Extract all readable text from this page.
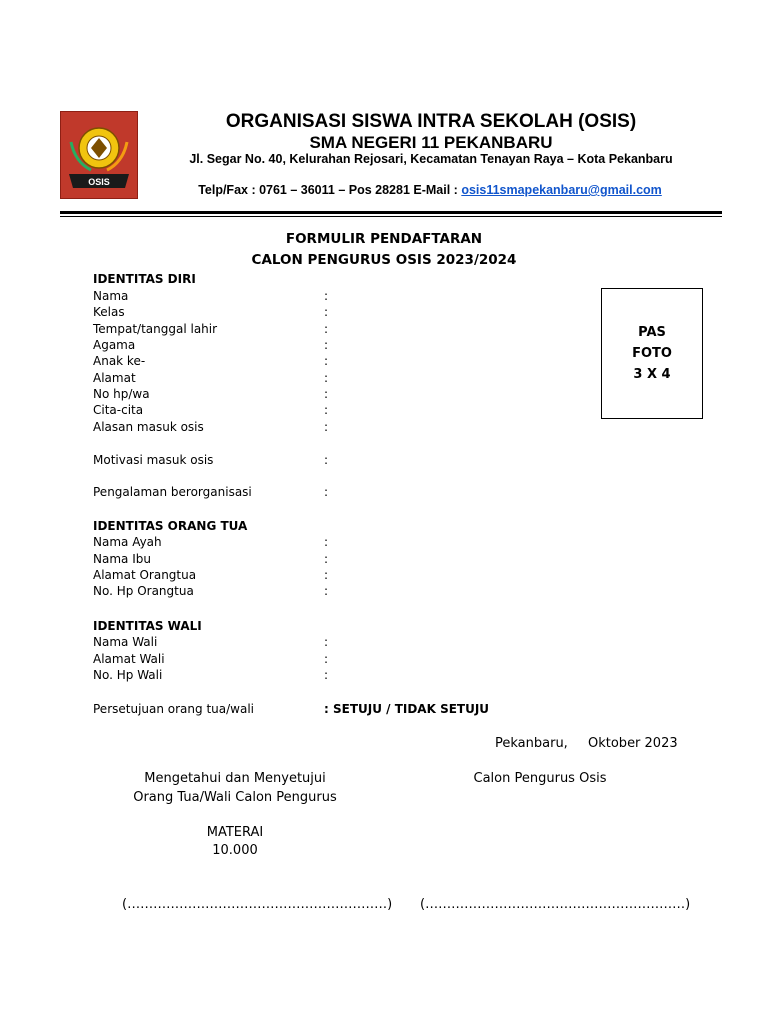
OSIS
ORGANISASI SISWA INTRA SEKOLAH (OSIS)
SMA NEGERI 11 PEKANBARU
Jl. Segar No. 40, Kelurahan Rejosari, Kecamatan Tenayan Raya – Kota Pekanbaru
Telp/Fax : 0761 – 36011 – Pos 28281 E-Mail : osis11smapekanbaru@gmail.com
FORMULIR PENDAFTARAN
CALON PENGURUS OSIS 2023/2024
IDENTITAS DIRI
Nama	:
Kelas	:
Tempat/tanggal lahir	:
Agama	:
Anak ke-	:
Alamat	:
No hp/wa	:
Cita-cita	:
Alasan masuk osis	:
Motivasi masuk osis	:
Pengalaman berorganisasi	:
PAS
FOTO
3 X 4
IDENTITAS ORANG TUA
Nama Ayah	:
Nama Ibu	:
Alamat Orangtua	:
No. Hp Orangtua	:
IDENTITAS WALI
Nama Wali	:
Alamat Wali	:
No. Hp Wali	:
Persetujuan orang tua/wali	: SETUJU / TIDAK SETUJU
Pekanbaru, Oktober 2023
Mengetahui dan Menyetujui
Orang Tua/Wali Calon Pengurus
Calon Pengurus Osis
MATERAI
10.000
(……………………………………………………) (……………………………………………………)
